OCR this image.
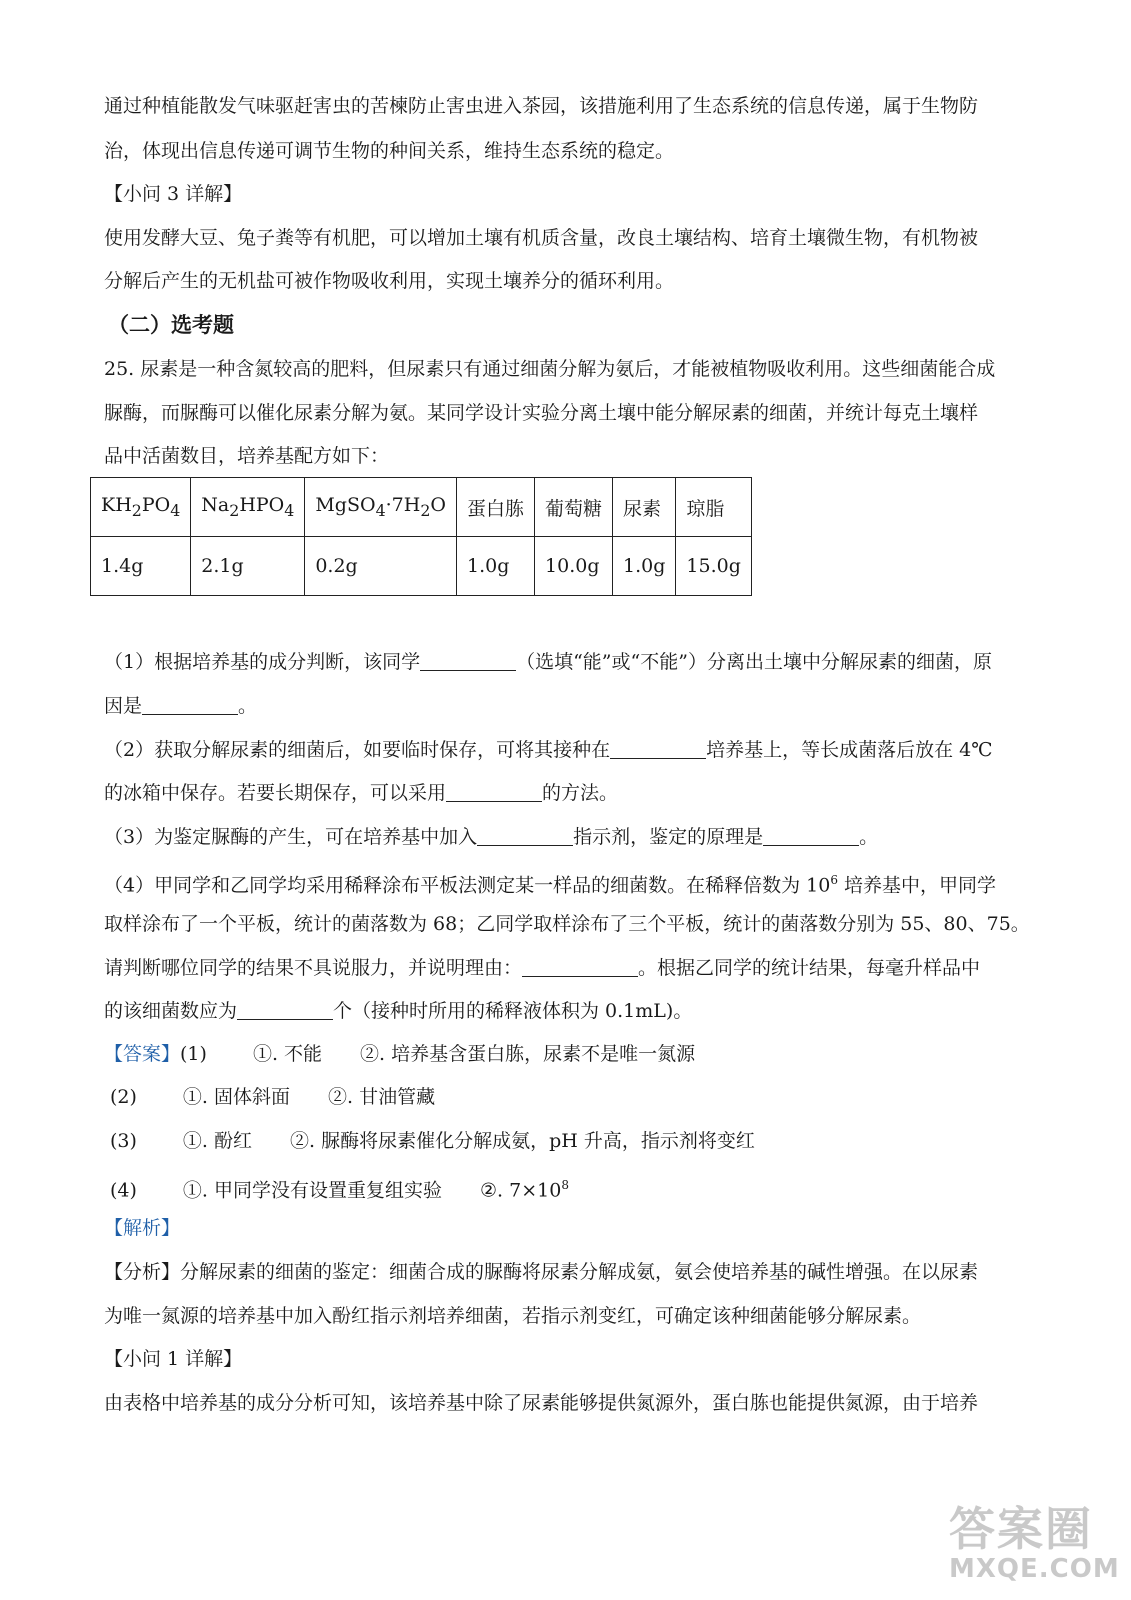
通过种植能散发气味驱赶害虫的苦楝防止害虫进入茶园，该措施利用了生态系统的信息传递，属于生物防
治，体现出信息传递可调节生物的种间关系，维持生态系统的稳定。
【小问 3 详解】
使用发酵大豆、兔子粪等有机肥，可以增加土壤有机质含量，改良土壤结构、培育土壤微生物，有机物被
分解后产生的无机盐可被作物吸收利用，实现土壤养分的循环利用。
（二）选考题
25. 尿素是一种含氮较高的肥料，但尿素只有通过细菌分解为氨后，才能被植物吸收利用。这些细菌能合成
脲酶，而脲酶可以催化尿素分解为氨。某同学设计实验分离土壤中能分解尿素的细菌，并统计每克土壤样
品中活菌数目，培养基配方如下：
$KH_2PO_4$	$Na_2HPO_4$	$MgSO_4\cdot 7H_2O$	蛋白胨	葡萄糖	尿素	琼脂
1.4g	2.1g	0.2g	1.0g	10.0g	1.0g	15.0g
（1）根据培养基的成分判断，该同学	（选填“能”或“不能”）分离出土壤中分解尿素的细菌，原
因是	。
（2）获取分解尿素的细菌后，如要临时保存，可将其接种在	培养基上，等长成菌落后放在 4℃
的冰箱中保存。若要长期保存，可以采用	的方法。
（3）为鉴定脲酶的产生，可在培养基中加入	指示剂，鉴定的原理是	。
（4）甲同学和乙同学均采用稀释涂布平板法测定某一样品的细菌数。在稀释倍数为 $10^6$ 培养基中，甲同学
取样涂布了一个平板，统计的菌落数为 68；乙同学取样涂布了三个平板，统计的菌落数分别为 55、80、75。
请判断哪位同学的结果不具说服力，并说明理由：	。根据乙同学的统计结果，每毫升样品中
的该细菌数应为	个（接种时所用的稀释液体积为 0.1mL)。
【答案】(1) ①. 不能 ②. 培养基含蛋白胨，尿素不是唯一氮源
(2) ①. 固体斜面 ②. 甘油管藏
(3) ①. 酚红 ②. 脲酶将尿素催化分解成氨，pH 升高，指示剂将变红
(4) ①. 甲同学没有设置重复组实验 ②. $7\times 10^8$
【解析】
【分析】分解尿素的细菌的鉴定：细菌合成的脲酶将尿素分解成氨，氨会使培养基的碱性增强。在以尿素
为唯一氮源的培养基中加入酚红指示剂培养细菌，若指示剂变红，可确定该种细菌能够分解尿素。
【小问 1 详解】
由表格中培养基的成分分析可知，该培养基中除了尿素能够提供氮源外，蛋白胨也能提供氮源，由于培养
答案圈
MXQE.COM
